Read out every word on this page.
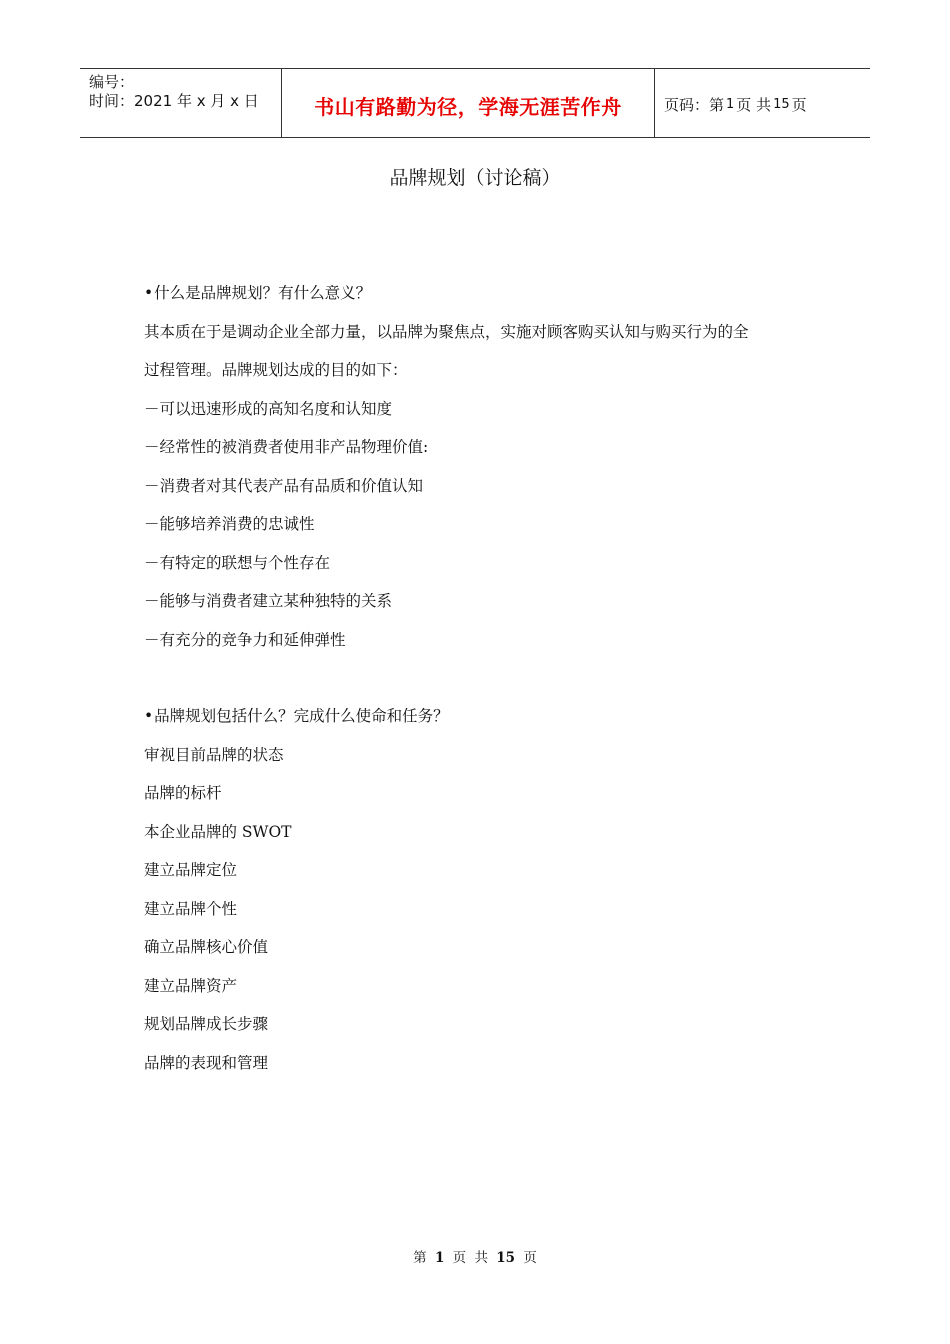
编号：
时间：2021 年 x 月 x 日	书山有路勤为径，学海无涯苦作舟	页码：第 1 页 共 15 页
品牌规划（讨论稿）
•什么是品牌规划？有什么意义？
其本质在于是调动企业全部力量，以品牌为聚焦点，实施对顾客购买认知与购买行为的全
过程管理。品牌规划达成的目的如下：
－可以迅速形成的高知名度和认知度
－经常性的被消费者使用非产品物理价值:
－消费者对其代表产品有品质和价值认知
－能够培养消费的忠诚性
－有特定的联想与个性存在
－能够与消费者建立某种独特的关系
－有充分的竞争力和延伸弹性
•品牌规划包括什么？完成什么使命和任务？
审视目前品牌的状态
品牌的标杆
本企业品牌的 SWOT
建立品牌定位
建立品牌个性
确立品牌核心价值
建立品牌资产
规划品牌成长步骤
品牌的表现和管理
第 1 页 共 15 页
